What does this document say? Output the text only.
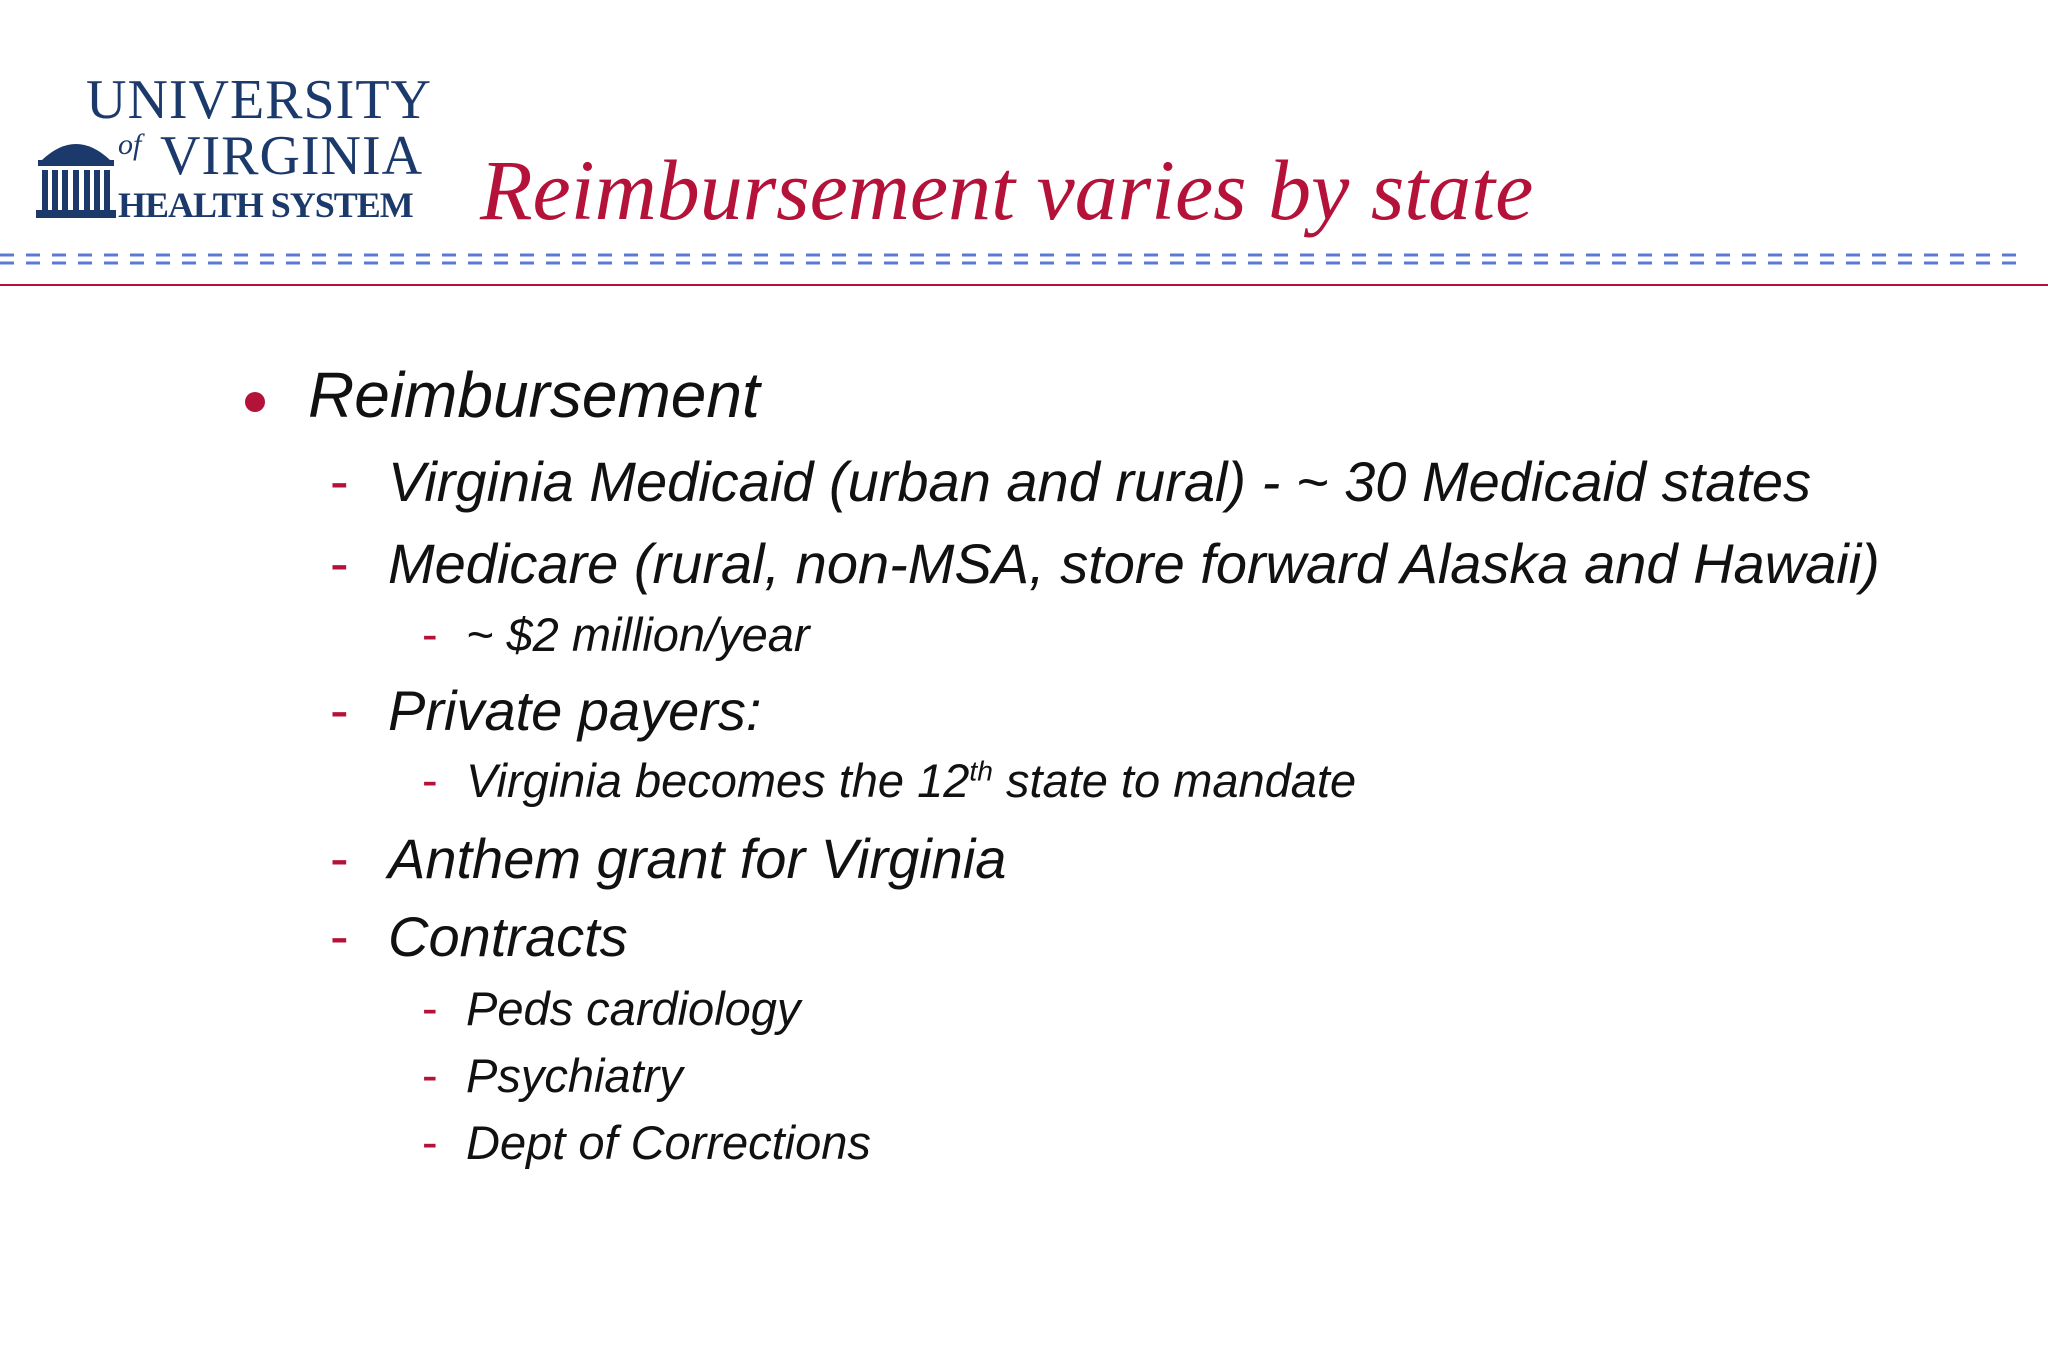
UNIVERSITY
of VIRGINIA
HEALTH SYSTEM Reimbursement varies by state
Reimbursement
- Virginia Medicaid (urban and rural) - ~ 30 Medicaid states
- Medicare (rural, non-MSA, store forward Alaska and Hawaii)
- ~ $2 million/year
- Private payers:
- Virginia becomes the 12th state to mandate
- Anthem grant for Virginia
- Contracts
- Peds cardiology
- Psychiatry
- Dept of Corrections
